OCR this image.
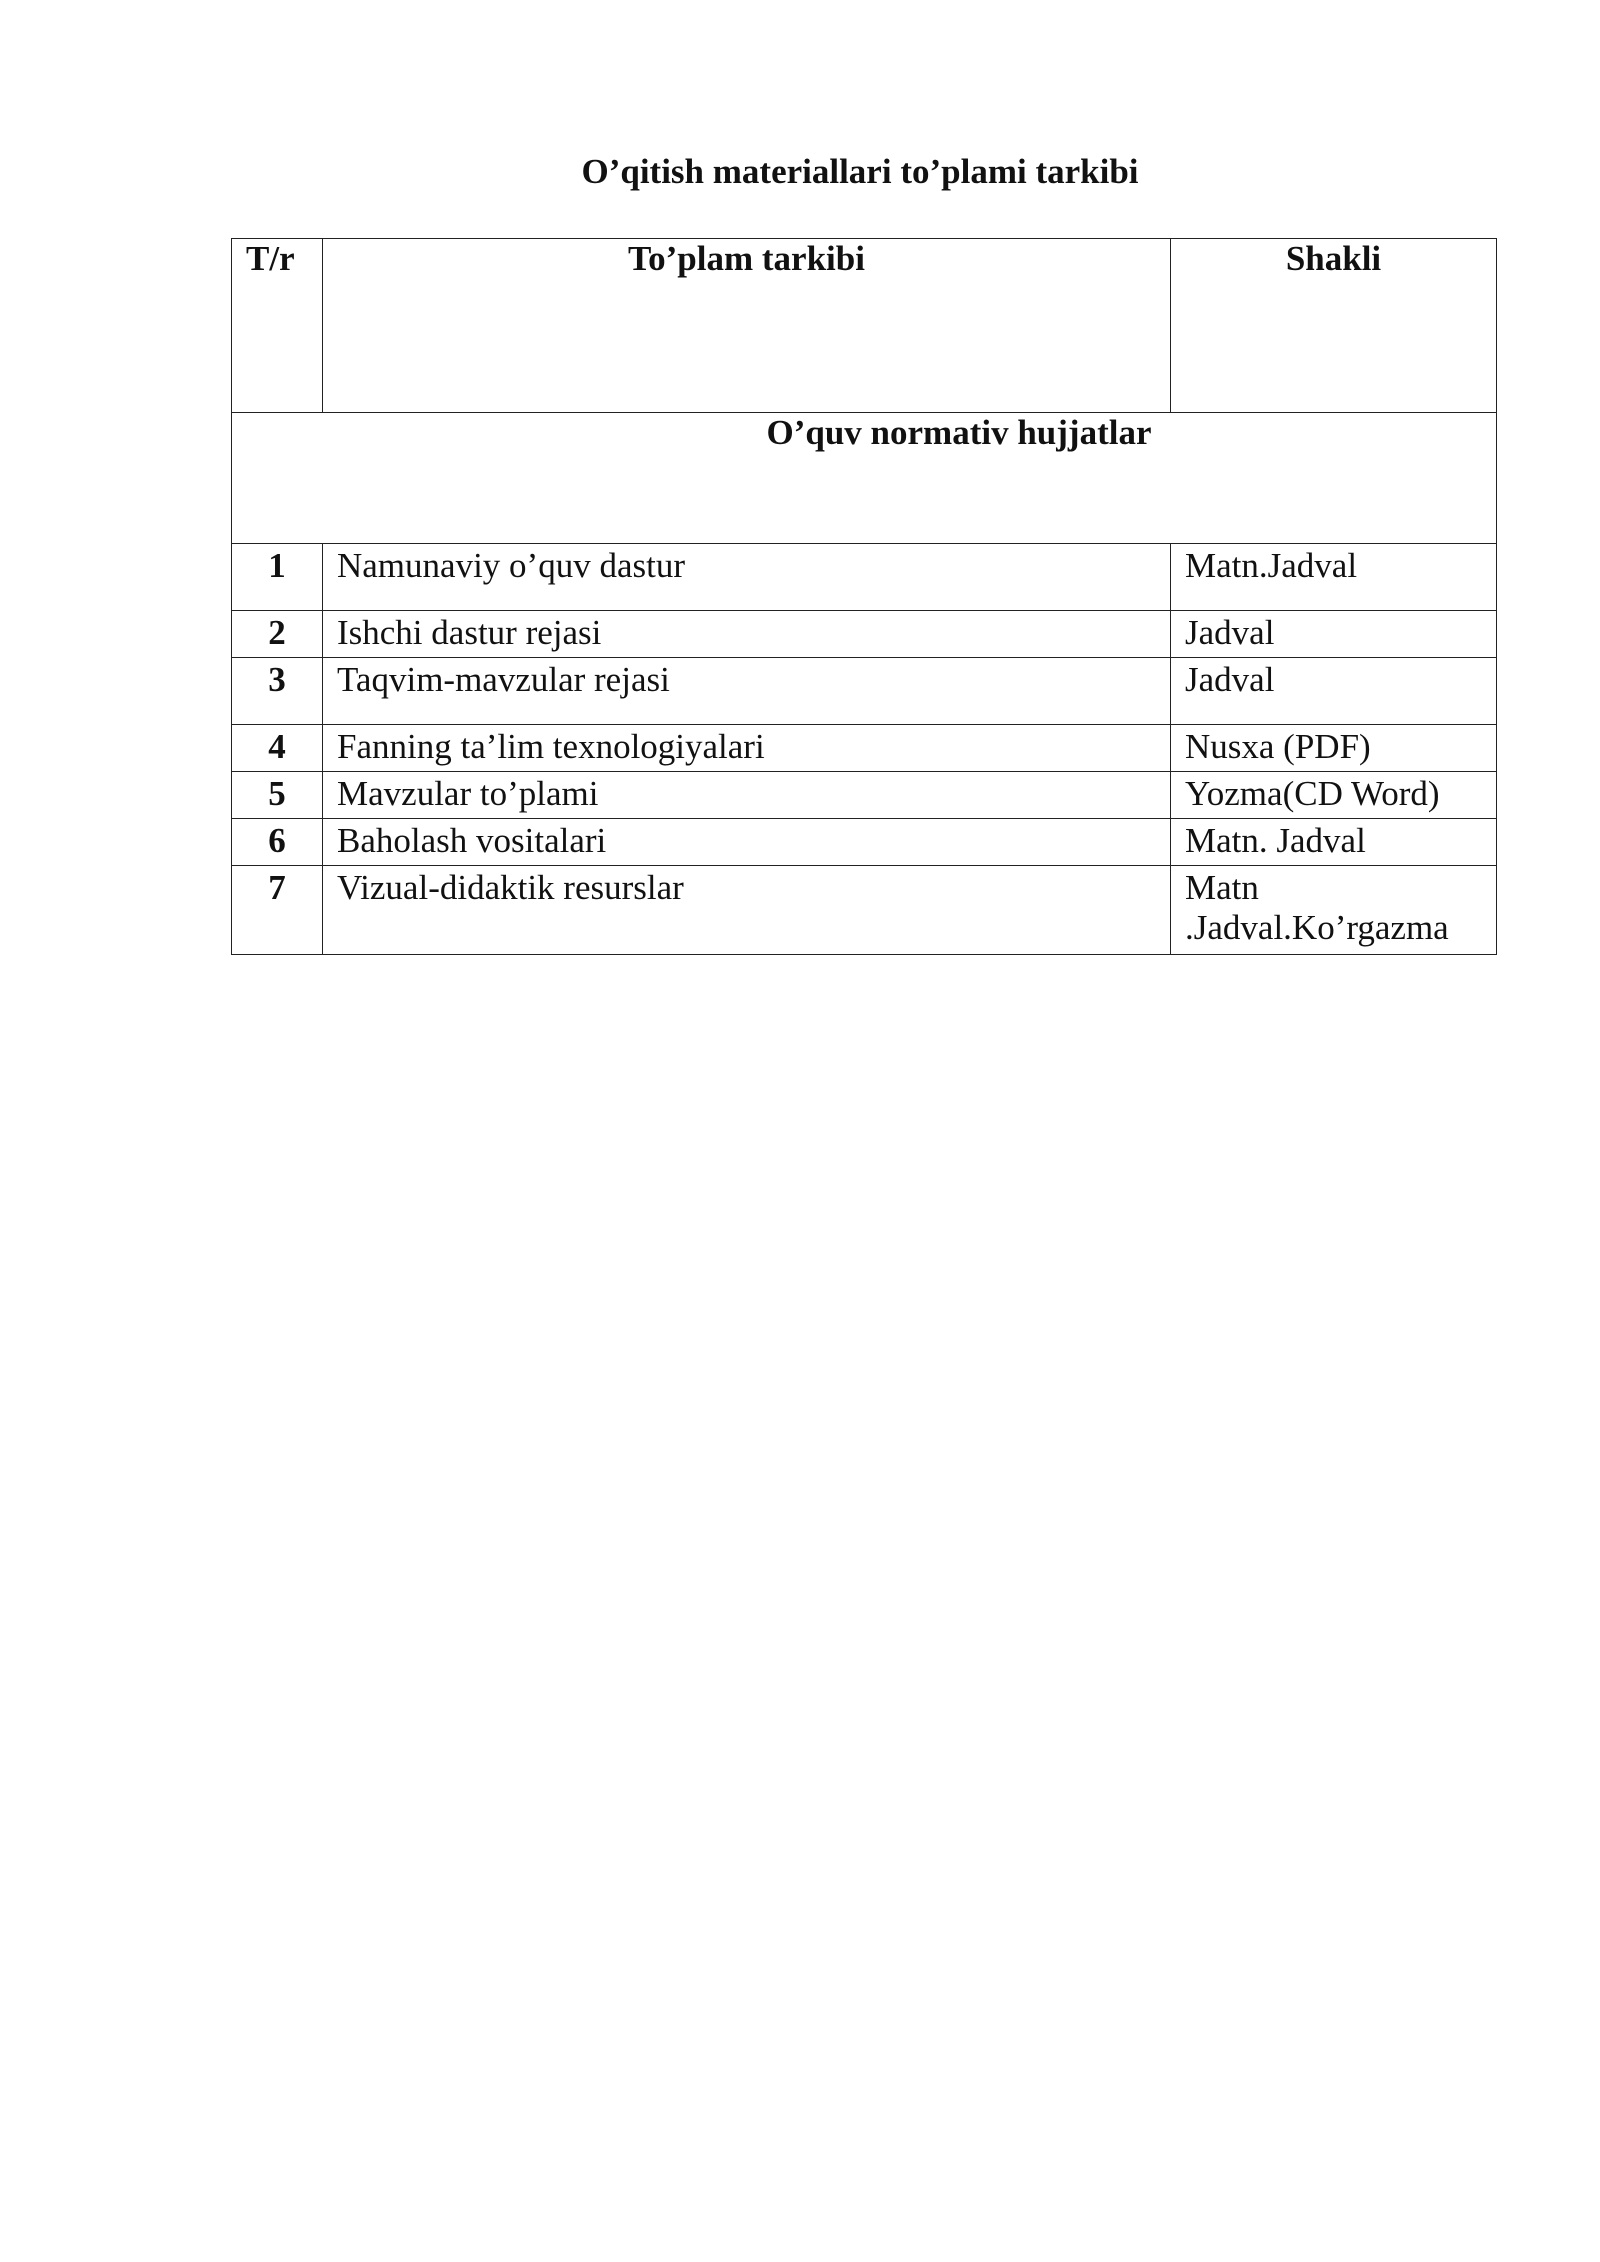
O’qitish materiallari to’plami tarkibi
T/r	To’plam tarkibi	Shakli
O’quv normativ hujjatlar		
1	Namunaviy o’quv dastur	Matn.Jadval
2	Ishchi dastur rejasi	Jadval
3	Taqvim-mavzular rejasi	Jadval
4	Fanning ta’lim texnologiyalari	Nusxa (PDF)
5	Mavzular to’plami	Yozma(CD Word)
6	Baholash vositalari	Matn. Jadval
7	Vizual-didaktik resurslar	Matn
.Jadval.Ko’rgazma
